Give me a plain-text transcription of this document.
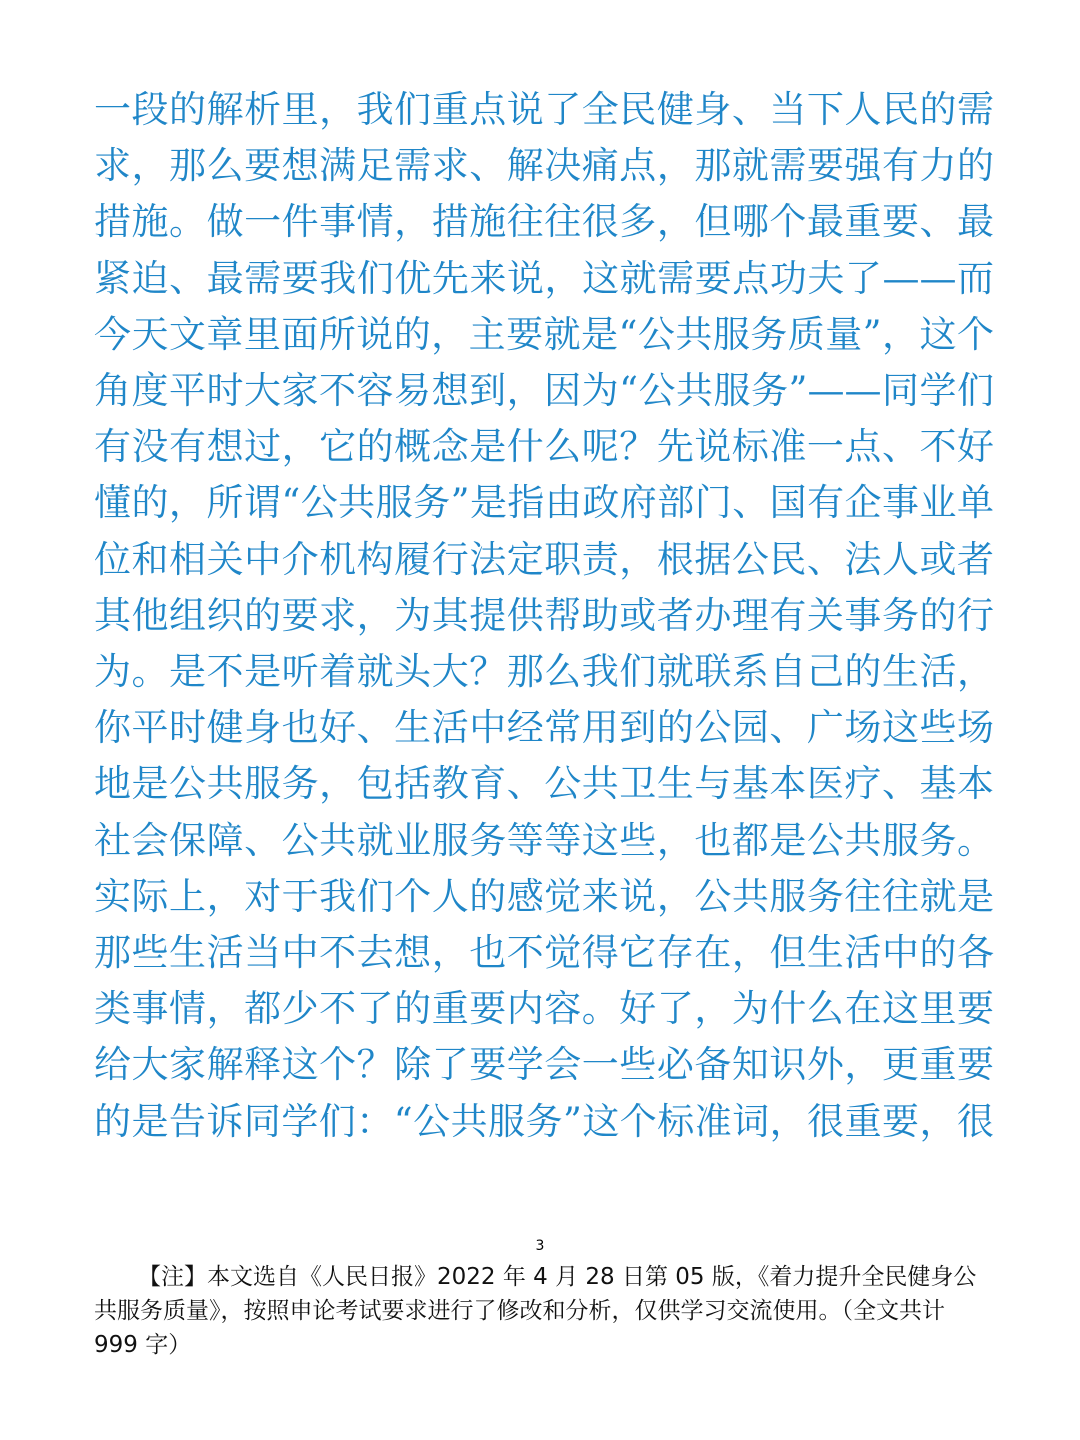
一段的解析里，我们重点说了全民健身、当下人民的需
求，那么要想满足需求、解决痛点，那就需要强有力的
措施。做一件事情，措施往往很多，但哪个最重要、最
紧迫、最需要我们优先来说，这就需要点功夫了——而
今天文章里面所说的，主要就是“公共服务质量”，这个
角度平时大家不容易想到，因为“公共服务”——同学们
有没有想过，它的概念是什么呢？先说标准一点、不好
懂的，所谓“公共服务”是指由政府部门、国有企事业单
位和相关中介机构履行法定职责，根据公民、法人或者
其他组织的要求，为其提供帮助或者办理有关事务的行
为。是不是听着就头大？那么我们就联系自己的生活，
你平时健身也好、生活中经常用到的公园、广场这些场
地是公共服务，包括教育、公共卫生与基本医疗、基本
社会保障、公共就业服务等等这些，也都是公共服务。
实际上，对于我们个人的感觉来说，公共服务往往就是
那些生活当中不去想，也不觉得它存在，但生活中的各
类事情，都少不了的重要内容。好了，为什么在这里要
给大家解释这个？除了要学会一些必备知识外，更重要
的是告诉同学们：“公共服务”这个标准词，很重要，很
3
【注】本文选自《人民日报》2022 年 4 月 28 日第 05 版，《着力提升全民健身公
共服务质量》，按照申论考试要求进行了修改和分析，仅供学习交流使用。（全文共计
999 字）
